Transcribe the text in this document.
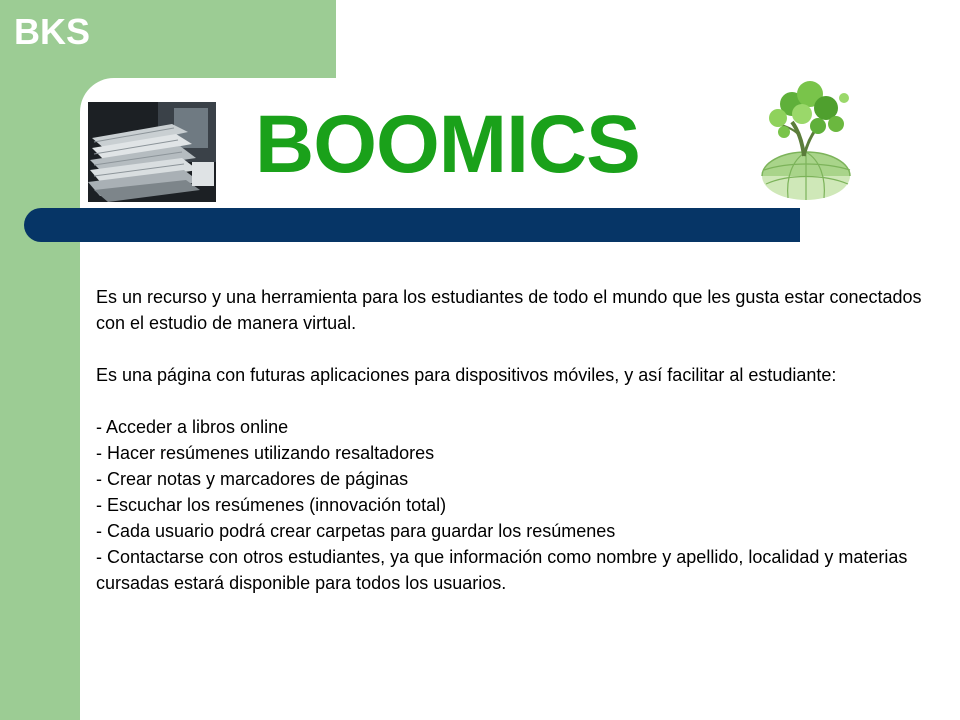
BKS
BOOMICS

Es un recurso y una herramienta para los estudiantes de todo el mundo que les gusta estar conectados con el estudio de manera virtual.

Es una página con futuras aplicaciones para dispositivos móviles, y así facilitar al estudiante:

- Acceder a libros online
- Hacer resúmenes utilizando resaltadores
- Crear notas y marcadores de páginas
- Escuchar los resúmenes (innovación total)
- Cada usuario podrá crear carpetas para guardar los resúmenes
- Contactarse con otros estudiantes, ya que información como nombre y apellido, localidad y materias cursadas estará disponible para todos los usuarios.
